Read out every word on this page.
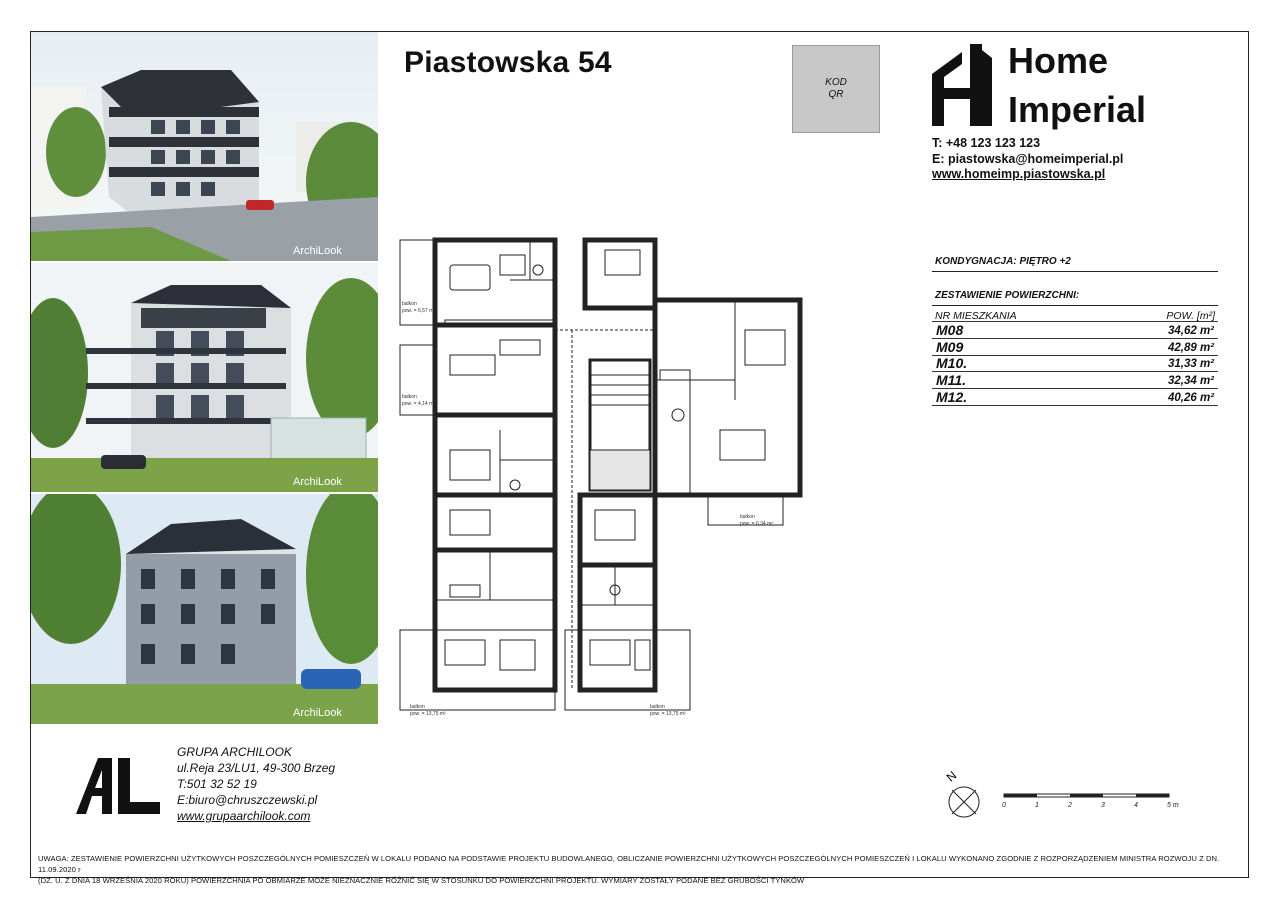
ArchiLook
ArchiLook
ArchiLook
Piastowska 54
KOD
QR
Home
Imperial
T: +48 123 123 123
E: piastowska@homeimperial.pl
www.homeimp.piastowska.pl
KONDYGNACJA: PIĘTRO +2
ZESTAWIENIE POWIERZCHNI:
NR MIESZKANIA	POW. [m²]
M08	34,62 m²
M09	42,89 m²
M10.	31,33 m²
M11.	32,34 m²
M12.	40,26 m²
balkon
pow. = 6,57 m²
balkon
pow. = 4,14 m²
balkon
pow. = 6,34 m²
balkon
pow. = 13,75 m²
balkon
pow. = 13,75 m²
GRUPA ARCHILOOK
ul.Reja 23/LU1, 49-300 Brzeg
T:501 32 52 19
E:biuro@chruszczewski.pl
www.grupaarchilook.com
N
0	1	2	3	4	5 m
UWAGA: ZESTAWIENIE POWIERZCHNI UŻYTKOWYCH POSZCZEGÓLNYCH POMIESZCZEŃ W LOKALU PODANO NA PODSTAWIE PROJEKTU BUDOWLANEGO, OBLICZANIE POWIERZCHNI UŻYTKOWYCH POSZCZEGÓLNYCH POMIESZCZEŃ I LOKALU WYKONANO ZGODNIE Z ROZPORZĄDZENIEM MINISTRA ROZWOJU Z DN. 11.09.2020 r
(DZ. U. Z DNIA 18 WRZEŚNIA 2020 ROKU) POWIERZCHNIA PO OBMIARZE MOŻE NIEZNACZNIE RÓŻNIĆ SIĘ W STOSUNKU DO POWIERZCHNI PROJEKTU. WYMIARY ZOSTAŁY PODANE BEZ GRUBOŚCI TYNKÓW
